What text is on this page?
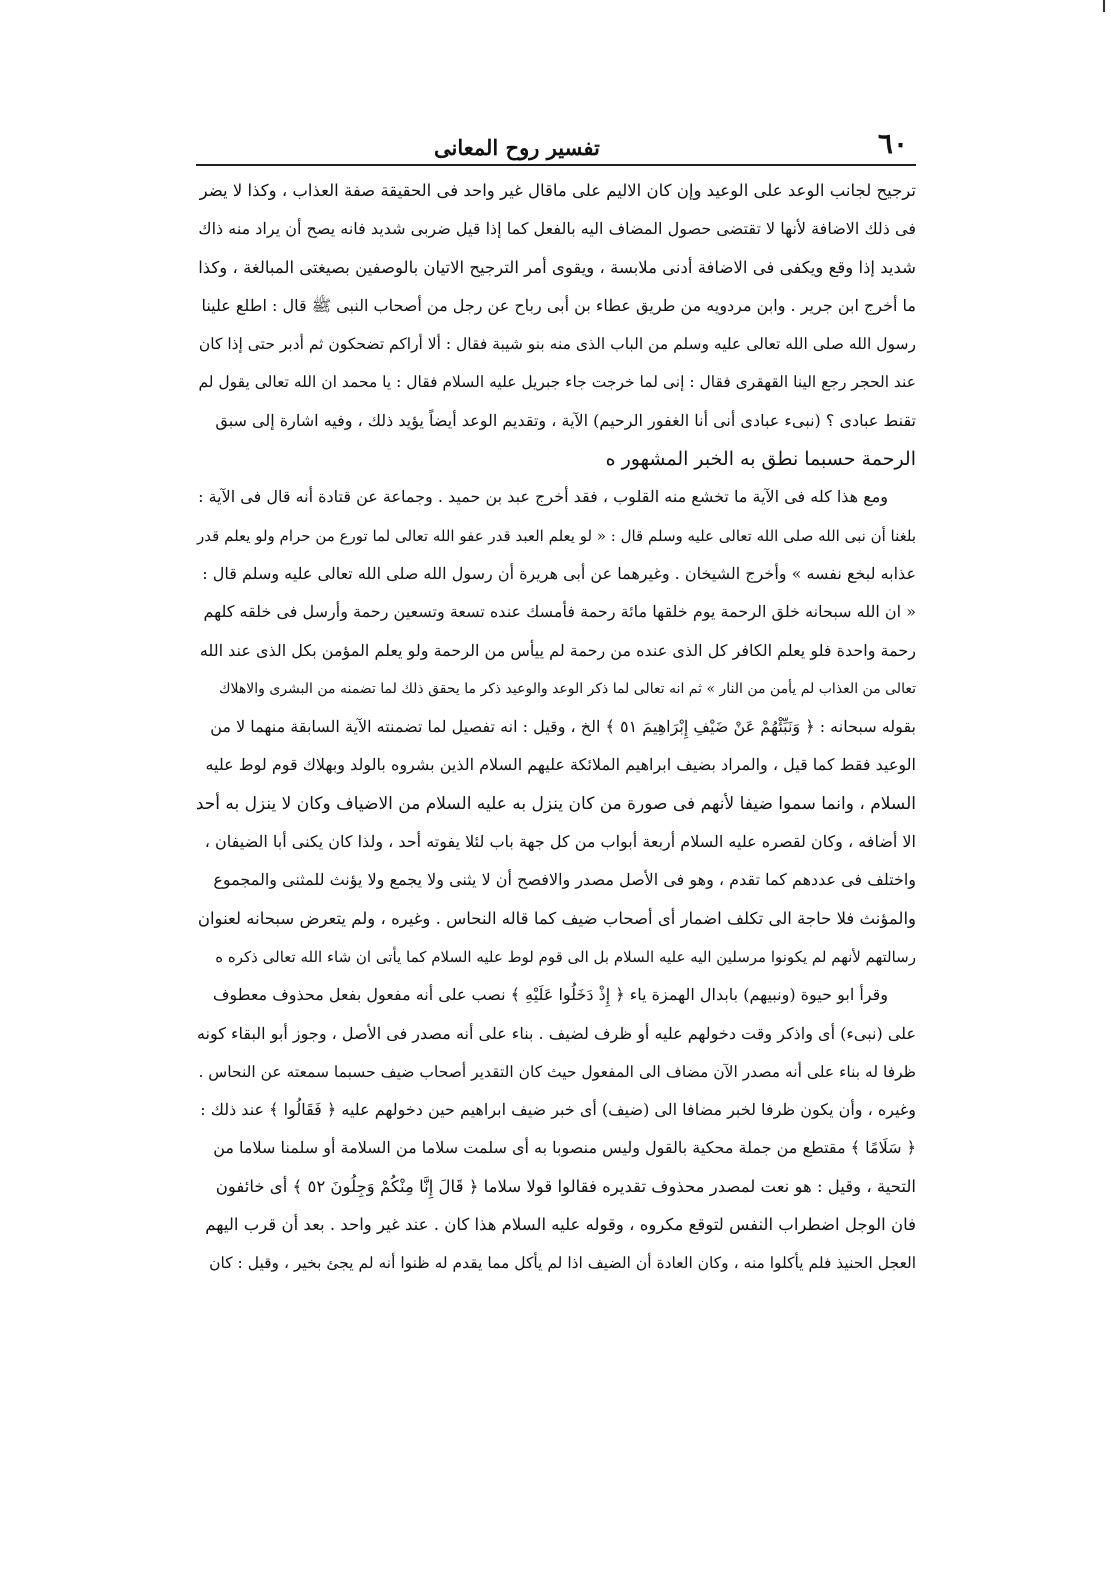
٦٠
تفسير روح المعانى
ترجيح لجانب الوعد على الوعيد وإن كان الاليم على ماقال غير واحد فى الحقيقة صفة العذاب ، وكذا لا يضر
فى ذلك الاضافة لأنها لا تقتضى حصول المضاف اليه بالفعل كما إذا قيل ضربى شديد فانه يصح أن يراد منه ذاك
شديد إذا وقع ويكفى فى الاضافة أدنى ملابسة ، ويقوى أمر الترجيح الاتيان بالوصفين بصيغتى المبالغة ، وكذا
ما أخرج ابن جرير . وابن مردويه من طريق عطاء بن أبى رباح عن رجل من أصحاب النبى ﷺ قال : اطلع علينا
رسول الله صلى الله تعالى عليه وسلم من الباب الذى منه بنو شيبة فقال : ألا أراكم تضحكون ثم أدبر حتى إذا كان
عند الحجر رجع الينا القهقرى فقال : إنى لما خرجت جاء جبريل عليه السلام فقال : يا محمد ان الله تعالى يقول لم
تقنط عبادى ؟ (نبىء عبادى أنى أنا الغفور الرحيم) الآية ، وتقديم الوعد أيضاً يؤيد ذلك ، وفيه اشارة إلى سبق
الرحمة حسبما نطق به الخبر المشهور ه
ومع هذا كله فى الآية ما تخشع منه القلوب ، فقد أخرج عبد بن حميد . وجماعة عن قتادة أنه قال فى الآية :
بلغنا أن نبى الله صلى الله تعالى عليه وسلم قال : « لو يعلم العبد قدر عفو الله تعالى لما تورع من حرام ولو يعلم قدر
عذابه لبخع نفسه » وأخرج الشيخان . وغيرهما عن أبى هريرة أن رسول الله صلى الله تعالى عليه وسلم قال :
« ان الله سبحانه خلق الرحمة يوم خلقها مائة رحمة فأمسك عنده تسعة وتسعين رحمة وأرسل فى خلقه كلهم
رحمة واحدة فلو يعلم الكافر كل الذى عنده من رحمة لم ييأس من الرحمة ولو يعلم المؤمن بكل الذى عند الله
تعالى من العذاب لم يأمن من النار » ثم انه تعالى لما ذكر الوعد والوعيد ذكر ما يحقق ذلك لما تضمنه من البشرى والاهلاك
بقوله سبحانه : ﴿ وَنَبِّئْهُمْ عَنْ ضَيْفِ إِبْرَاهِيمَ ٥١ ﴾ الخ ، وقيل : انه تفصيل لما تضمنته الآية السابقة منهما لا من
الوعيد فقط كما قيل ، والمراد بضيف ابراهيم الملائكة عليهم السلام الذين بشروه بالولد وبهلاك قوم لوط عليه
السلام ، وانما سموا ضيفا لأنهم فى صورة من كان ينزل به عليه السلام من الاضياف وكان لا ينزل به أحد
الا أضافه ، وكان لقصره عليه السلام أربعة أبواب من كل جهة باب لئلا يفوته أحد ، ولذا كان يكنى أبا الضيفان ،
واختلف فى عددهم كما تقدم ، وهو فى الأصل مصدر والافصح أن لا يثنى ولا يجمع ولا يؤنث للمثنى والمجموع
والمؤنث فلا حاجة الى تكلف اضمار أى أصحاب ضيف كما قاله النحاس . وغيره ، ولم يتعرض سبحانه لعنوان
رسالتهم لأنهم لم يكونوا مرسلين اليه عليه السلام بل الى قوم لوط عليه السلام كما يأتى ان شاء الله تعالى ذكره ه
وقرأ ابو حيوة (ونبيهم) بابدال الهمزة ياء ﴿ إِذْ دَخَلُوا عَلَيْهِ ﴾ نصب على أنه مفعول بفعل محذوف معطوف
على (نبىء) أى واذكر وقت دخولهم عليه أو ظرف لضيف . بناء على أنه مصدر فى الأصل ، وجوز أبو البقاء كونه
ظرفا له بناء على أنه مصدر الآن مضاف الى المفعول حيث كان التقدير أصحاب ضيف حسبما سمعته عن النحاس .
وغيره ، وأن يكون ظرفا لخبر مضافا الى (ضيف) أى خبر ضيف ابراهيم حين دخولهم عليه ﴿ فَقَالُوا ﴾ عند ذلك :
﴿ سَلَامًا ﴾ مقتطع من جملة محكية بالقول وليس منصوبا به أى سلمت سلاما من السلامة أو سلمنا سلاما من
التحية ، وقيل : هو نعت لمصدر محذوف تقديره فقالوا قولا سلاما ﴿ قَالَ إِنَّا مِنْكُمْ وَجِلُونَ ٥٢ ﴾ أى خائفون
فان الوجل اضطراب النفس لتوقع مكروه ، وقوله عليه السلام هذا كان . عند غير واحد . بعد أن قرب اليهم
العجل الحنيذ فلم يأكلوا منه ، وكان العادة أن الضيف اذا لم يأكل مما يقدم له ظنوا أنه لم يجئ بخير ، وقيل : كان
